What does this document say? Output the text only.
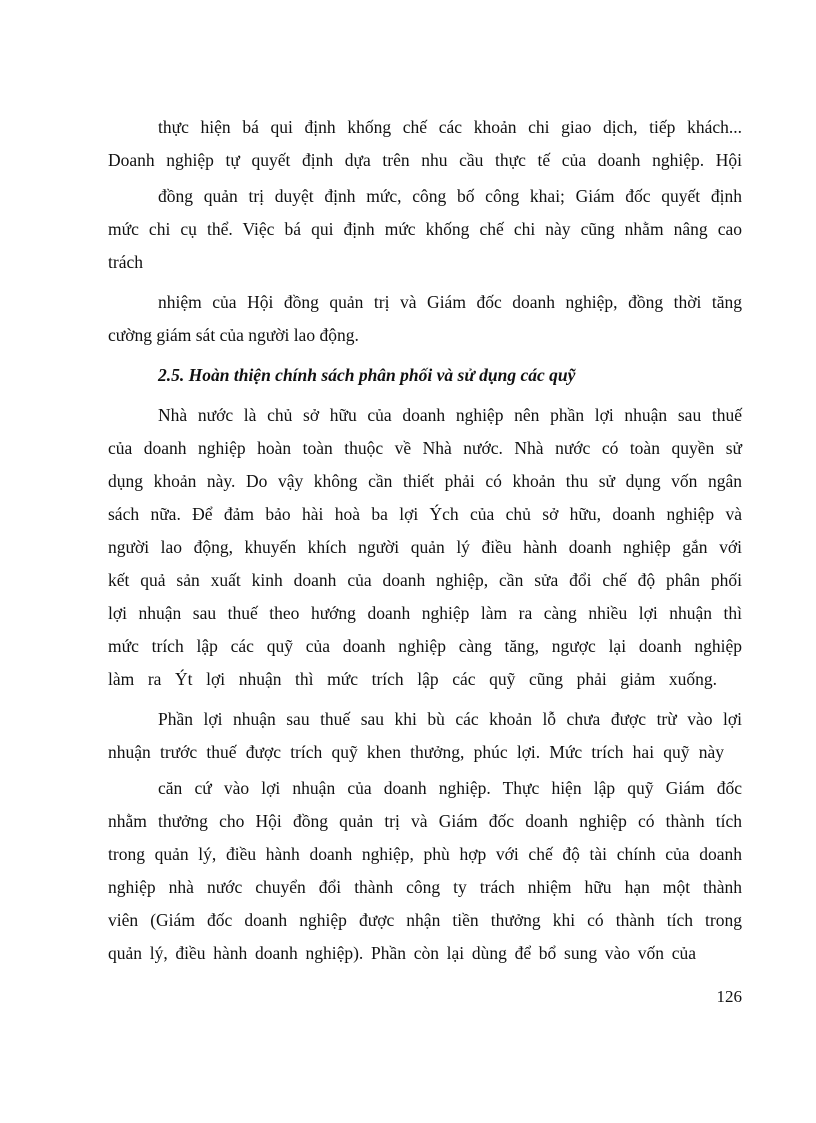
thực hiện bá qui định khống chế các khoản chi giao dịch, tiếp khách...
Doanh nghiệp tự quyết định dựa trên nhu cầu thực tế của doanh nghiệp. Hội
đồng quản trị duyệt định mức, công bố công khai; Giám đốc quyết định
mức chi cụ thể. Việc bá qui định mức khống chế chi này cũng nhằm nâng cao
trách
nhiệm của Hội đồng quản trị và Giám đốc doanh nghiệp, đồng thời tăng
cường giám sát của người lao động.
2.5. Hoàn thiện chính sách phân phối và sử dụng các quỹ
Nhà nước là chủ sở hữu của doanh nghiệp nên phần lợi nhuận sau thuế
của doanh nghiệp hoàn toàn thuộc về Nhà nước. Nhà nước có toàn quyền sử
dụng khoản này. Do vậy không cần thiết phải có khoản thu sử dụng vốn ngân
sách nữa. Để đảm bảo hài hoà ba lợi Ých của chủ sở hữu, doanh nghiệp và
người lao động, khuyến khích người quản lý điều hành doanh nghiệp gắn với
kết quả sản xuất kinh doanh của doanh nghiệp, cần sửa đổi chế độ phân phối
lợi nhuận sau thuế theo hướng doanh nghiệp làm ra càng nhiều lợi nhuận thì
mức trích lập các quỹ của doanh nghiệp càng tăng, ngược lại doanh nghiệp
làm ra Ýt lợi nhuận thì mức trích lập các quỹ cũng phải giảm xuống.
Phần lợi nhuận sau thuế sau khi bù các khoản lỗ chưa được trừ vào lợi
nhuận trước thuế được trích quỹ khen thưởng, phúc lợi. Mức trích hai quỹ này
căn cứ vào lợi nhuận của doanh nghiệp. Thực hiện lập quỹ Giám đốc
nhằm thưởng cho Hội đồng quản trị và Giám đốc doanh nghiệp có thành tích
trong quản lý, điều hành doanh nghiệp, phù hợp với chế độ tài chính của doanh
nghiệp nhà nước chuyển đổi thành công ty trách nhiệm hữu hạn một thành
viên (Giám đốc doanh nghiệp được nhận tiền thưởng khi có thành tích trong
quản lý, điều hành doanh nghiệp). Phần còn lại dùng để bổ sung vào vốn của
126
